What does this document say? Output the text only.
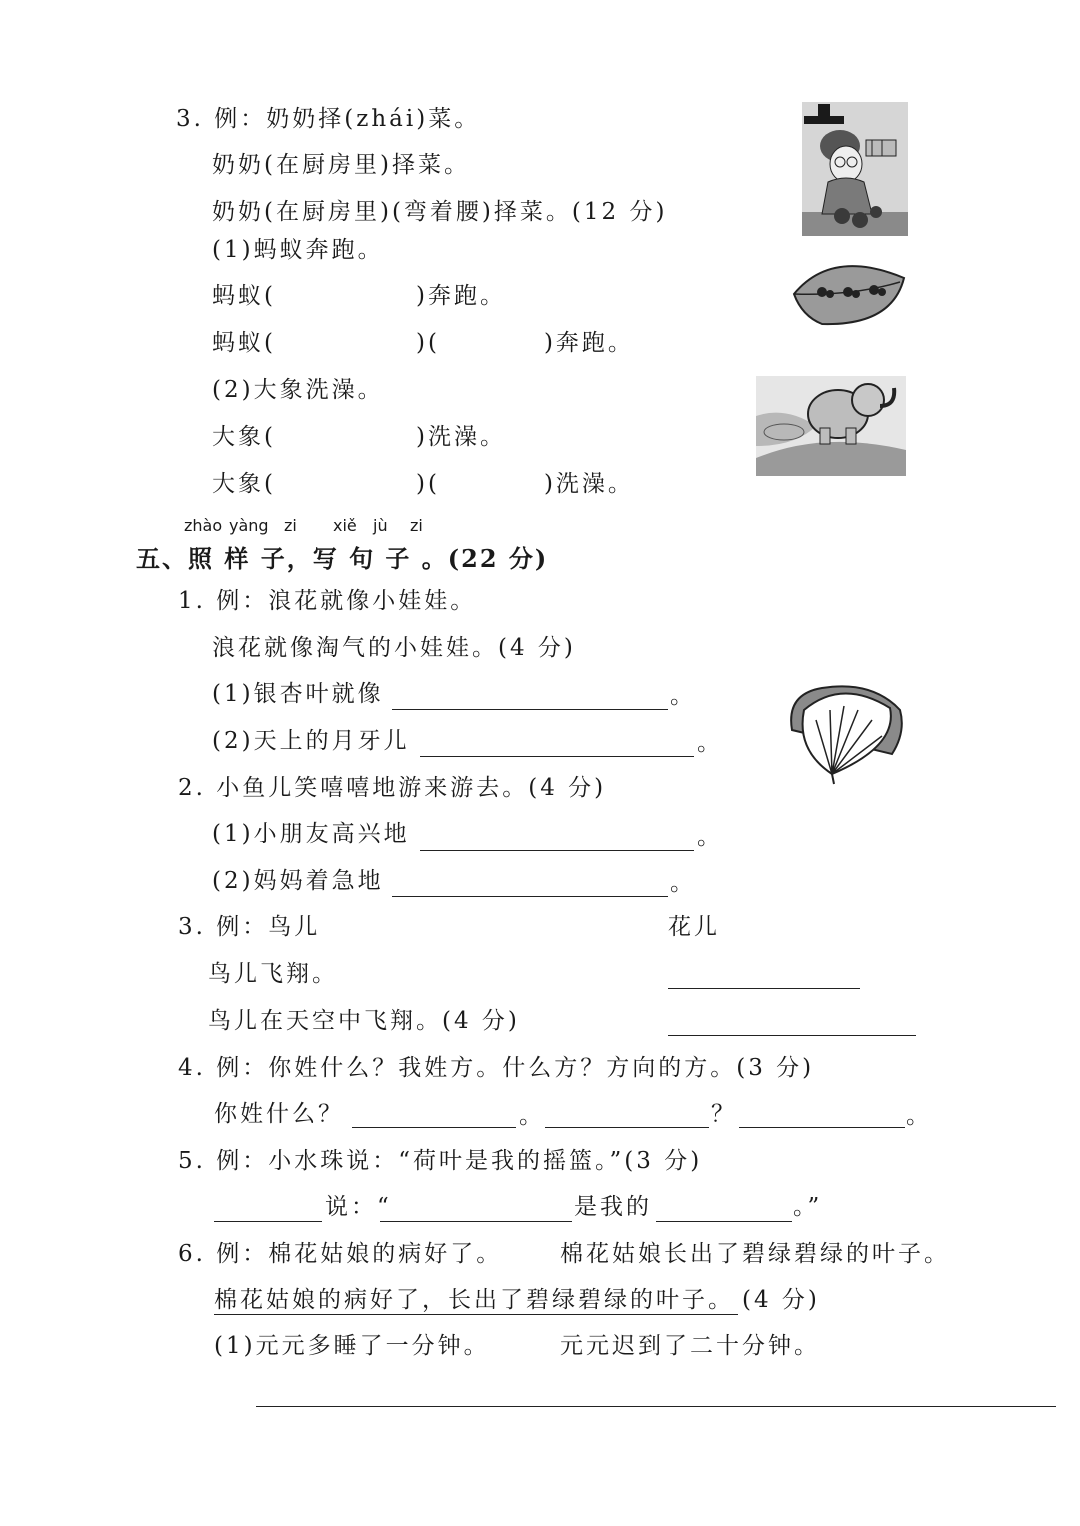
3. 例：奶奶择(zhái)菜。
奶奶(在厨房里)择菜。
奶奶(在厨房里)(弯着腰)择菜。(12 分)
(1)蚂蚁奔跑。
蚂蚁(	)奔跑。
蚂蚁(	)(	)奔跑。
(2)大象洗澡。
大象(	)洗澡。
大象(	)(	)洗澡。
zhào yàng zi xiě jù zi
五、照 样 子，写 句 子 。(22 分)
1. 例：浪花就像小娃娃。
浪花就像淘气的小娃娃。(4 分)
(1)银杏叶就像	。
(2)天上的月牙儿	。
2. 小鱼儿笑嘻嘻地游来游去。(4 分)
(1)小朋友高兴地	。
(2)妈妈着急地	。
3. 例：鸟儿	花儿
鸟儿飞翔。
鸟儿在天空中飞翔。(4 分)
4. 例：你姓什么？我姓方。什么方？方向的方。(3 分)
你姓什么？	。	？	。
5. 例：小水珠说：“荷叶是我的摇篮。”(3 分)
说：“	是我的	。”
6. 例：棉花姑娘的病好了。	棉花姑娘长出了碧绿碧绿的叶子。
棉花姑娘的病好了，长出了碧绿碧绿的叶子。 (4 分)
(1)元元多睡了一分钟。	元元迟到了二十分钟。
